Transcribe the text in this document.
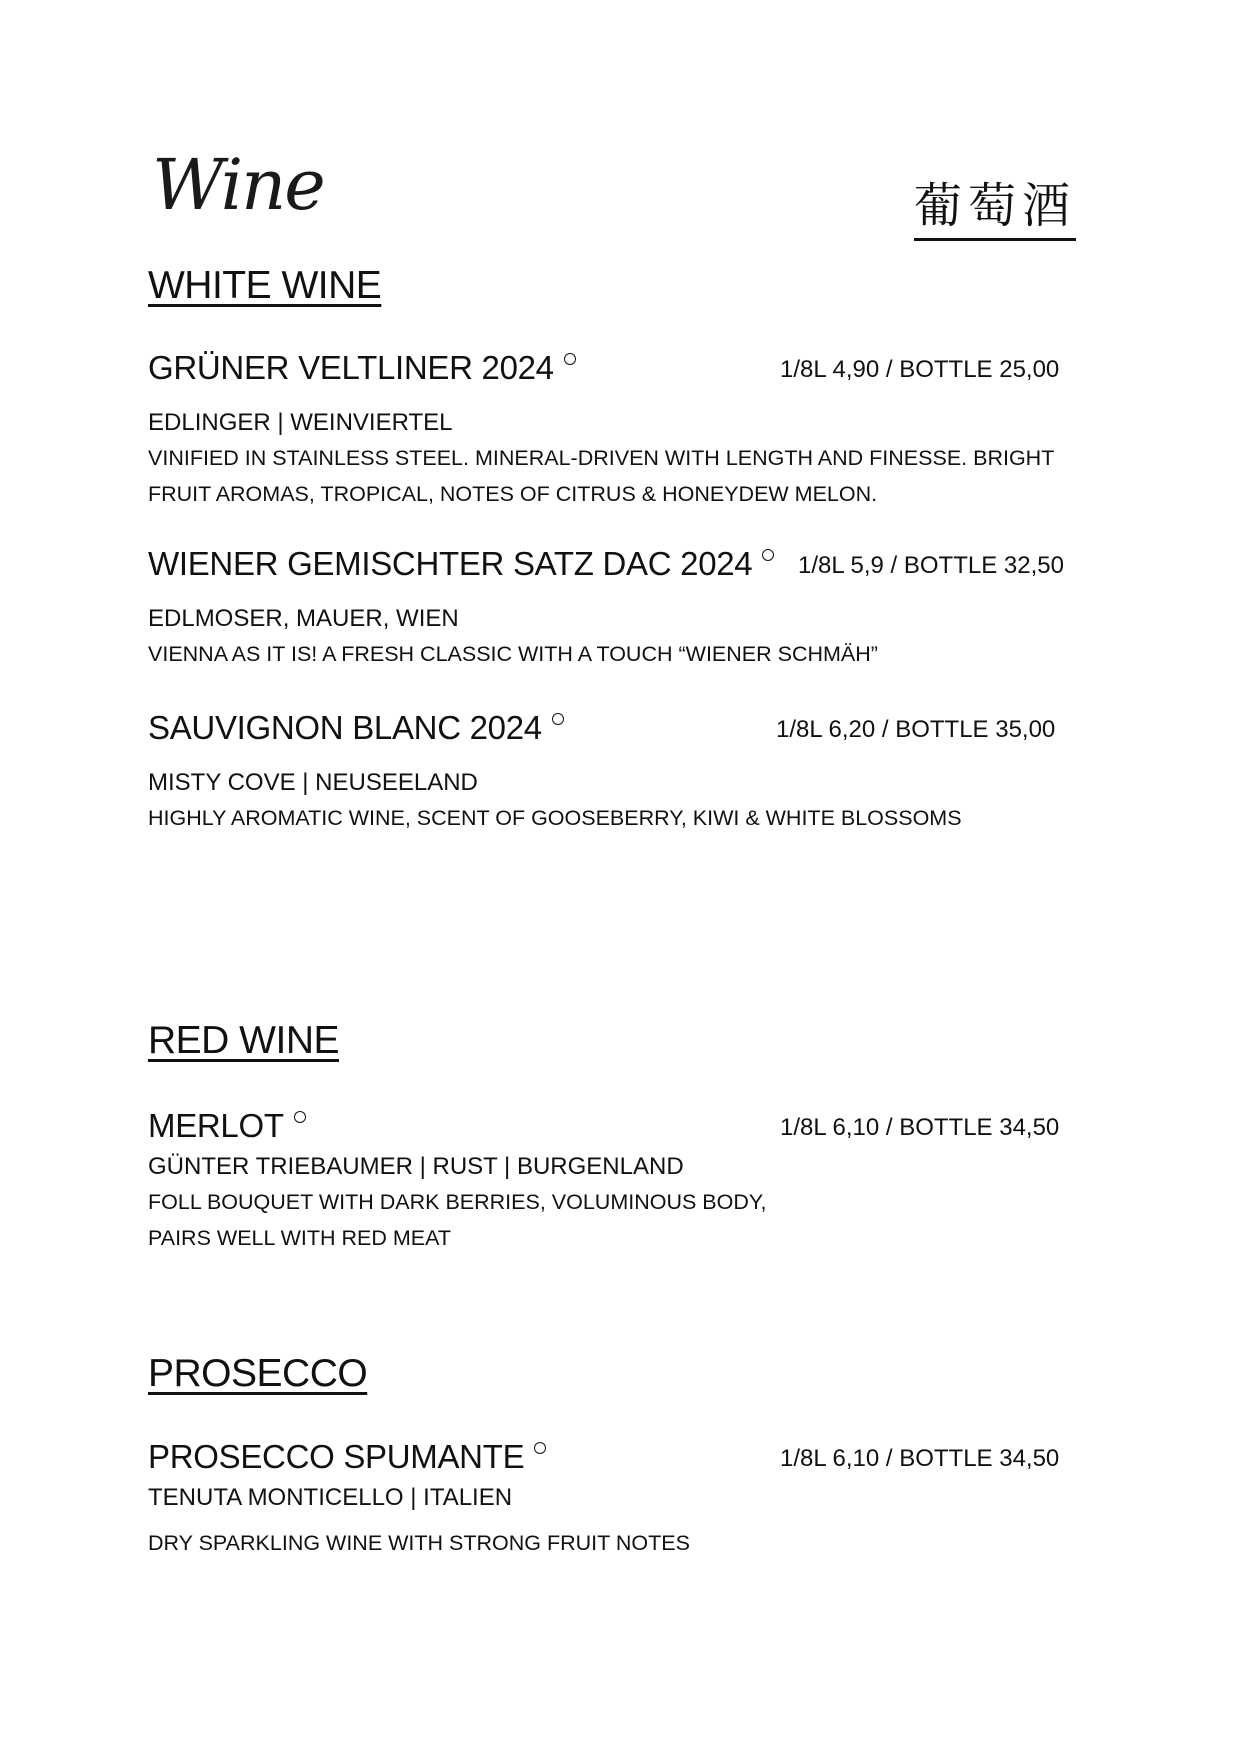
Wine	葡萄酒
WHITE WINE
GRÜNER VELTLINER 2024	1/8L 4,90 / BOTTLE 25,00

EDLINGER | WEINVIERTEL

VINIFIED IN STAINLESS STEEL. MINERAL-DRIVEN WITH LENGTH AND FINESSE. BRIGHT

FRUIT AROMAS, TROPICAL, NOTES OF CITRUS & HONEYDEW MELON.

WIENER GEMISCHTER SATZ DAC 2024	1/8L 5,9 / BOTTLE 32,50

EDLMOSER, MAUER, WIEN

VIENNA AS IT IS! A FRESH CLASSIC WITH A TOUCH “WIENER SCHMÄH”

SAUVIGNON BLANC 2024	1/8L 6,20 / BOTTLE 35,00

MISTY COVE | NEUSEELAND

HIGHLY AROMATIC WINE, SCENT OF GOOSEBERRY, KIWI & WHITE BLOSSOMS

RED WINE
MERLOT	1/8L 6,10 / BOTTLE 34,50

GÜNTER TRIEBAUMER | RUST | BURGENLAND

FOLL BOUQUET WITH DARK BERRIES, VOLUMINOUS BODY,

PAIRS WELL WITH RED MEAT

PROSECCO
PROSECCO SPUMANTE	1/8L 6,10 / BOTTLE 34,50

TENUTA MONTICELLO | ITALIEN

DRY SPARKLING WINE WITH STRONG FRUIT NOTES
